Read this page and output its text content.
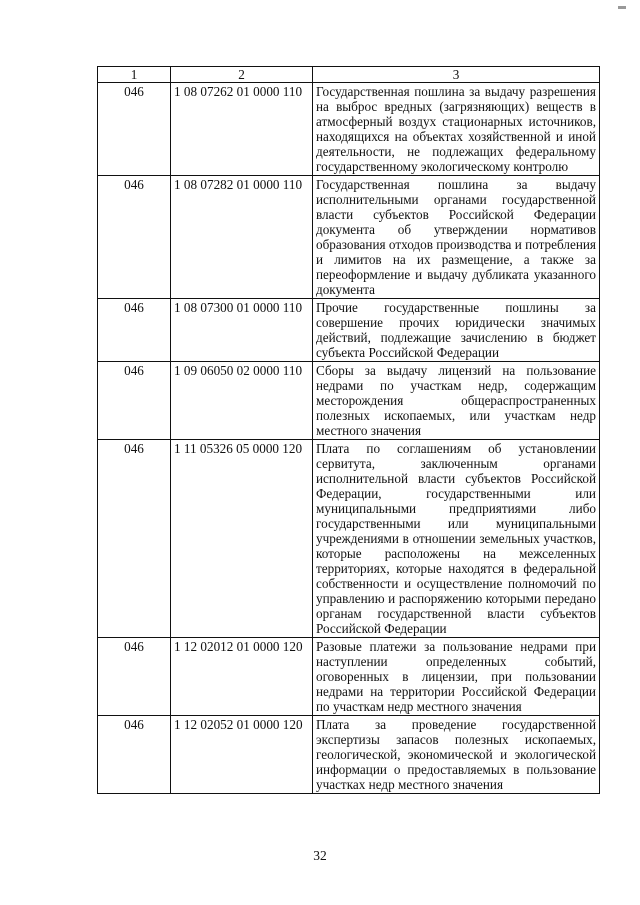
1	2	3
046	1 08 07262 01 0000 110	Государственная пошлина за выдачу разрешения на выброс вредных (загрязняющих) веществ в атмосферный воздух стационарных источников, находящихся на объектах хозяйственной и иной деятельности, не подлежащих федеральному государственному экологическому контролю
046	1 08 07282 01 0000 110	Государственная пошлина за выдачу исполнительными органами государственной власти субъектов Российской Федерации документа об утверждении нормативов образования отходов производства и потребления и лимитов на их размещение, а также за переоформление и выдачу дубликата указанного документа
046	1 08 07300 01 0000 110	Прочие государственные пошлины за совершение прочих юридически значимых действий, подлежащие зачислению в бюджет субъекта Российской Федерации
046	1 09 06050 02 0000 110	Сборы за выдачу лицензий на пользование недрами по участкам недр, содержащим месторождения общераспространенных полезных ископаемых, или участкам недр местного значения
046	1 11 05326 05 0000 120	Плата по соглашениям об установлении сервитута, заключенным органами исполнительной власти субъектов Российской Федерации, государственными или муниципальными предприятиями либо государственными или муниципальными учреждениями в отношении земельных участков, которые расположены на межселенных территориях, которые находятся в федеральной собственности и осуществление полномочий по управлению и распоряжению которыми передано органам государственной власти субъектов Российской Федерации
046	1 12 02012 01 0000 120	Разовые платежи за пользование недрами при наступлении определенных событий, оговоренных в лицензии, при пользовании недрами на территории Российской Федерации по участкам недр местного значения
046	1 12 02052 01 0000 120	Плата за проведение государственной экспертизы запасов полезных ископаемых, геологической, экономической и экологической информации о предоставляемых в пользование участках недр местного значения
32
